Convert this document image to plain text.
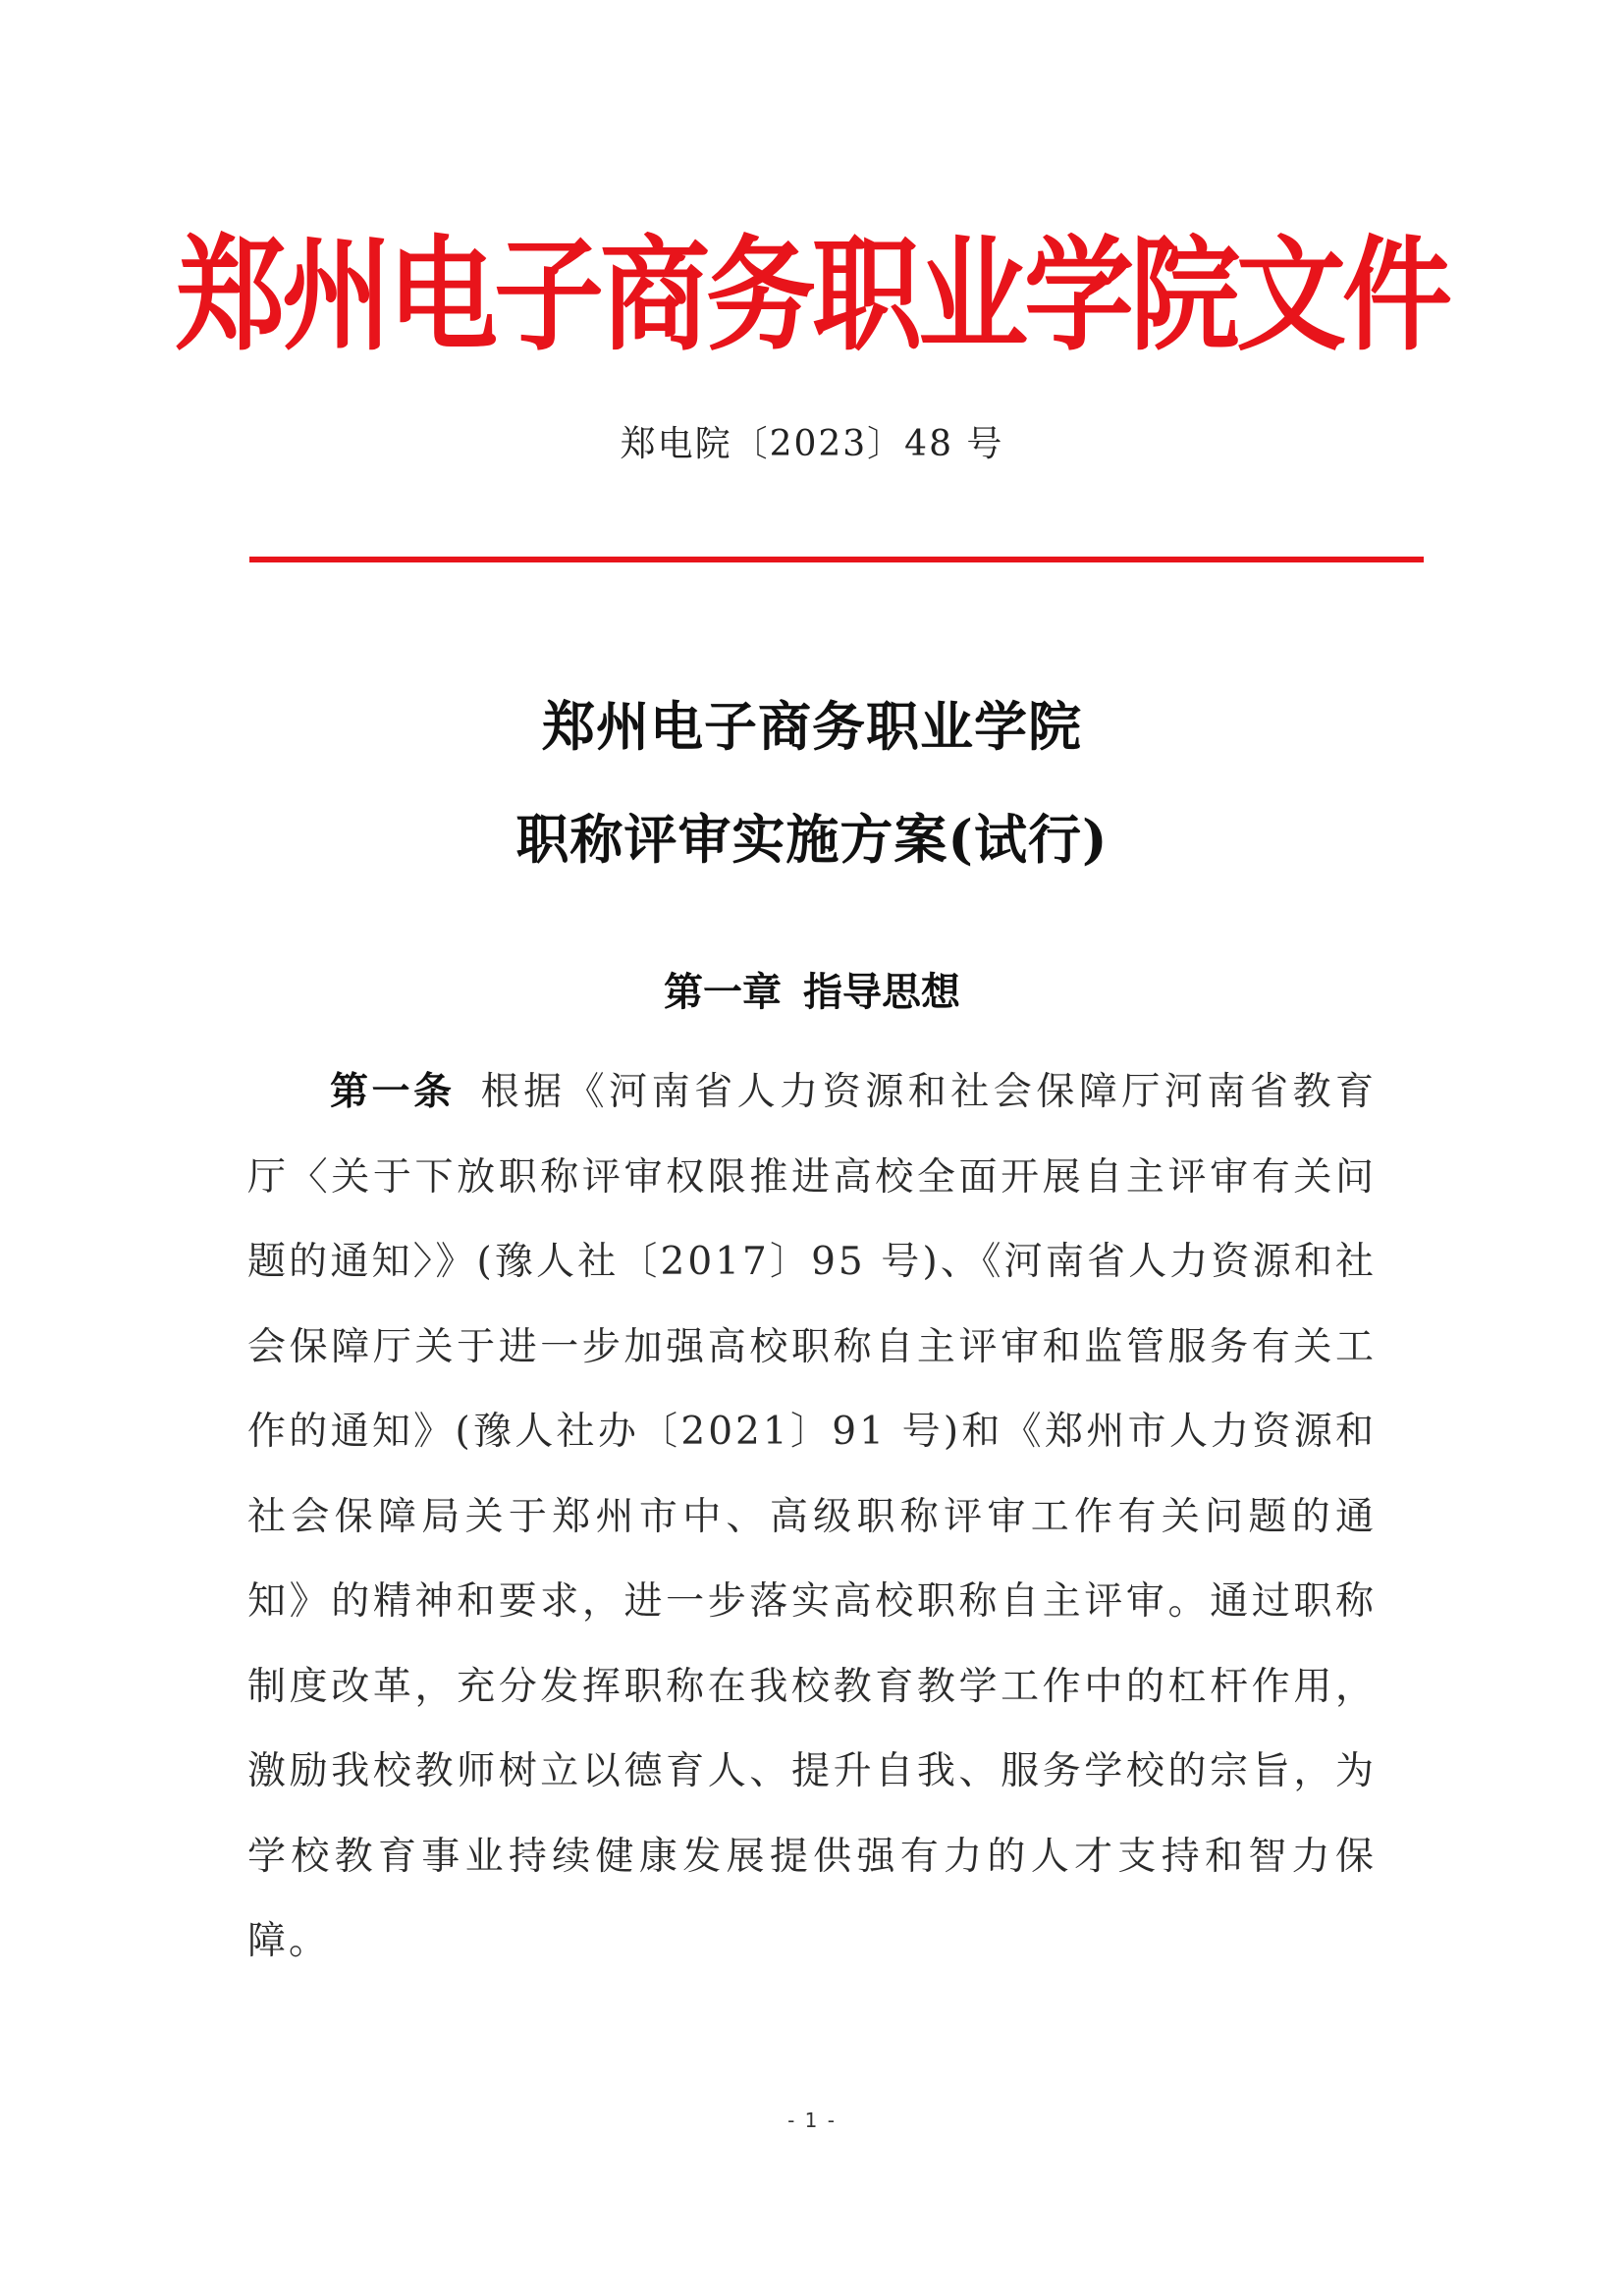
郑州电子商务职业学院文件
郑电院〔2023〕48 号
郑州电子商务职业学院
职称评审实施方案(试行)
第一章 指导思想
第一条 根据《河南省人力资源和社会保障厅河南省教育厅〈关于下放职称评审权限推进高校全面开展自主评审有关问题的通知〉》(豫人社〔2017〕95 号)、《河南省人力资源和社会保障厅关于进一步加强高校职称自主评审和监管服务有关工作的通知》(豫人社办〔2021〕91 号)和《郑州市人力资源和社会保障局关于郑州市中、高级职称评审工作有关问题的通知》的精神和要求，进一步落实高校职称自主评审。通过职称制度改革，充分发挥职称在我校教育教学工作中的杠杆作用，激励我校教师树立以德育人、提升自我、服务学校的宗旨，为学校教育事业持续健康发展提供强有力的人才支持和智力保障。
- 1 -
